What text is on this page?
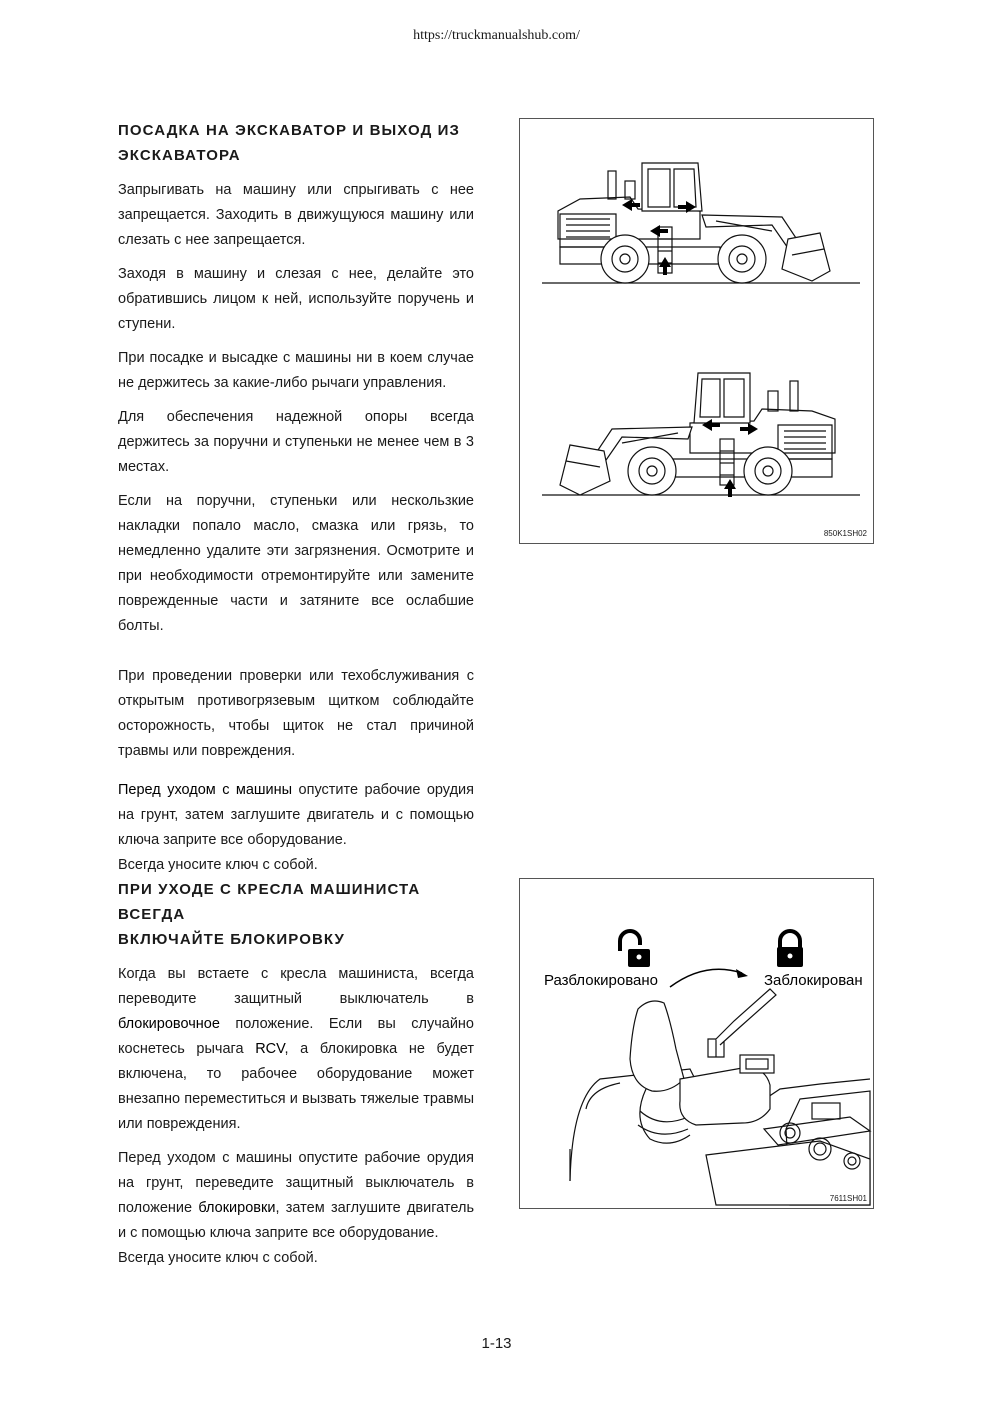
https://truckmanualshub.com/
ПОСАДКА НА ЭКСКАВАТОР И ВЫХОД ИЗ
ЭКСКАВАТОРА

Запрыгивать на машину или спрыгивать с нее запрещается. Заходить в движущуюся машину или слезать с нее запрещается.

Заходя в машину и слезая с нее, делайте это обратившись лицом к ней, используйте поручень и ступени.

При посадке и высадке с машины ни в коем случае не держитесь за какие-либо рычаги управления.

Для обеспечения надежной опоры всегда держитесь за поручни и ступеньки не менее чем в 3 местах.

Если на поручни, ступеньки или нескользкие накладки попало масло, смазка или грязь, то немедленно удалите эти загрязнения. Осмотрите и при необходимости отремонтируйте или замените поврежденные части и затяните все ослабшие болты.

При проведении проверки или техобслуживания с открытым противогрязевым щитком соблюдайте осторожность, чтобы щиток не стал причиной травмы или повреждения.

Перед уходом с машины опустите рабочие орудия на грунт, затем заглушите двигатель и с помощью ключа заприте все оборудование.

Всегда уносите ключ с собой.

850K1SH02
ПРИ УХОДЕ С КРЕСЛА МАШИНИСТА ВСЕГДА
ВКЛЮЧАЙТЕ БЛОКИРОВКУ

Когда вы встаете с кресла машиниста, всегда переводите защитный выключатель в блокировочное положение. Если вы случайно коснетесь рычага RCV, а блокировка не будет включена, то рабочее оборудование может внезапно переместиться и вызвать тяжелые травмы или повреждения.

Перед уходом с машины опустите рабочие орудия на грунт, переведите защитный выключатель в положение блокировки, затем заглушите двигатель и с помощью ключа заприте все оборудование.

Всегда уносите ключ с собой.

Разблокировано	Заблокирован
7611SH01
1-13
